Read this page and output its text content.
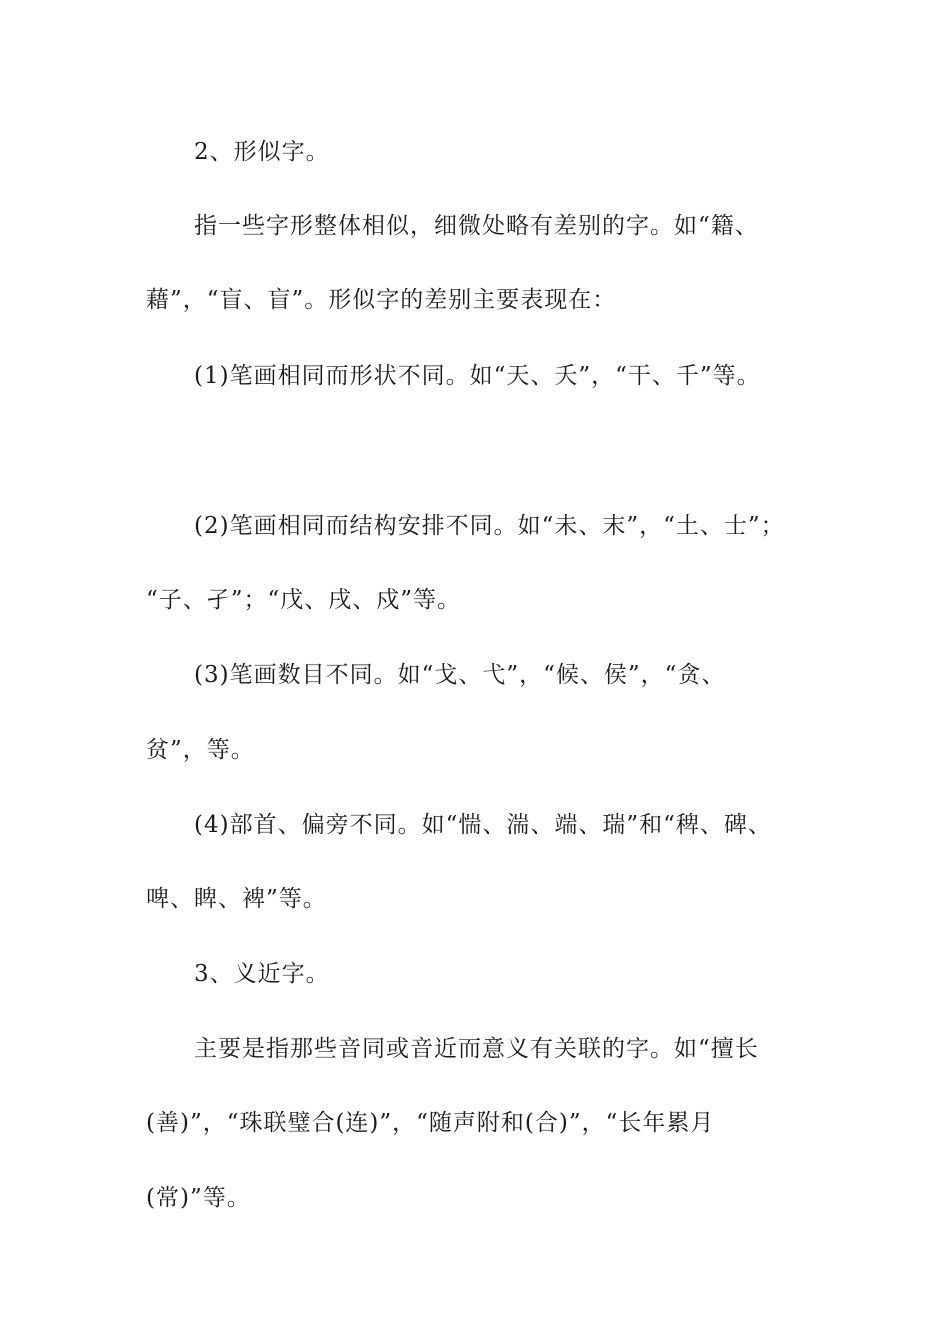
2、形似字。
指一些字形整体相似，细微处略有差别的字。如“籍、
藉”，“盲、盲”。形似字的差别主要表现在：
(1)笔画相同而形状不同。如“天、夭”，“干、千”等。
(2)笔画相同而结构安排不同。如“未、末”，“土、士”；
“子、孑”；“戊、戌、戍”等。
(3)笔画数目不同。如“戈、弋”，“候、侯”，“贪、
贫”，等。
(4)部首、偏旁不同。如“惴、湍、端、瑞”和“稗、碑、
啤、睥、裨”等。
3、义近字。
主要是指那些音同或音近而意义有关联的字。如“擅长
(善)”，“珠联璧合(连)”，“随声附和(合)”，“长年累月
(常)”等。
